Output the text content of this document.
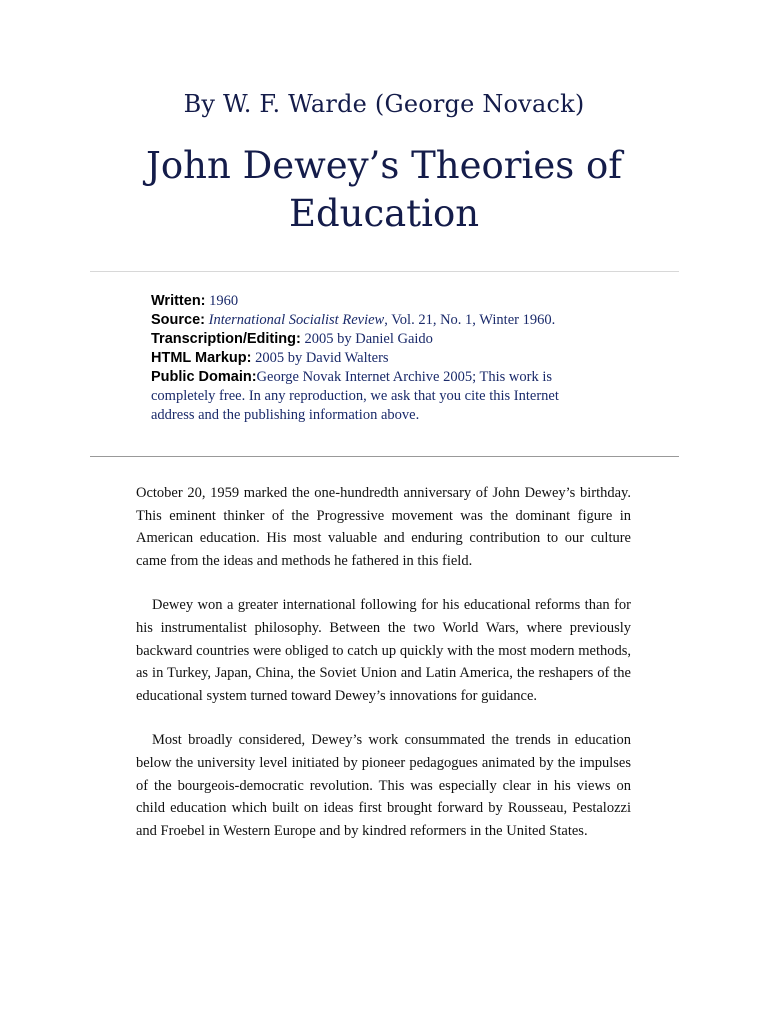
By W. F. Warde (George Novack)
John Dewey’s Theories of Education
Written: 1960
Source: International Socialist Review, Vol. 21, No. 1, Winter 1960.
Transcription/Editing: 2005 by Daniel Gaido
HTML Markup: 2005 by David Walters
Public Domain:George Novak Internet Archive 2005; This work is completely free. In any reproduction, we ask that you cite this Internet address and the publishing information above.

October 20, 1959 marked the one-hundredth anniversary of John Dewey’s birthday. This eminent thinker of the Progressive movement was the dominant figure in American education. His most valuable and enduring contribution to our culture came from the ideas and methods he fathered in this field.

Dewey won a greater international following for his educational reforms than for his instrumentalist philosophy. Between the two World Wars, where previously backward countries were obliged to catch up quickly with the most modern methods, as in Turkey, Japan, China, the Soviet Union and Latin America, the reshapers of the educational system turned toward Dewey’s innovations for guidance.

Most broadly considered, Dewey’s work consummated the trends in education below the university level initiated by pioneer pedagogues animated by the impulses of the bourgeois-democratic revolution. This was especially clear in his views on child education which built on ideas first brought forward by Rousseau, Pestalozzi and Froebel in Western Europe and by kindred reformers in the United States.
